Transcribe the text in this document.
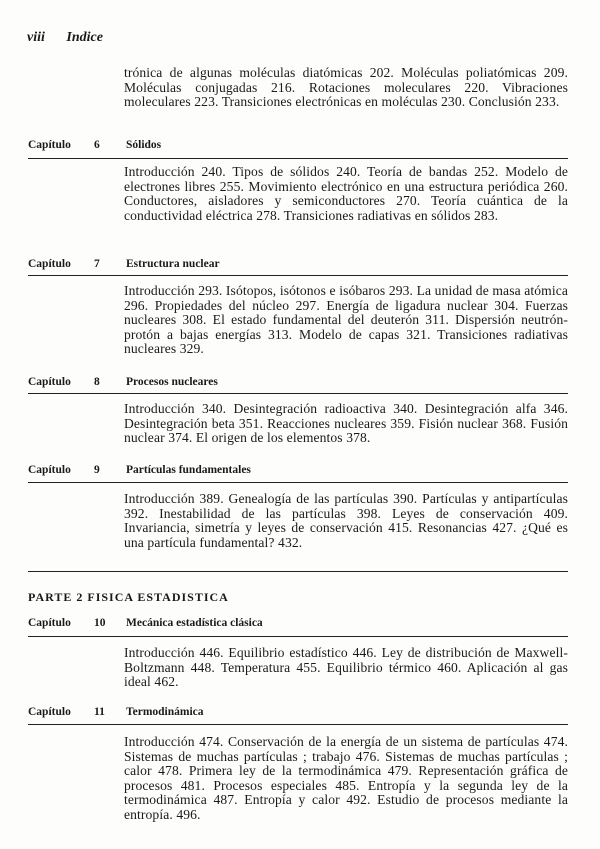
viii Indice
trónica de algunas moléculas diatómicas 202. Moléculas poliatómicas 209. Moléculas conjugadas 216. Rotaciones moleculares 220. Vibraciones moleculares 223. Transiciones electrónicas en moléculas 230. Conclusión 233.
Capítulo 6 Sólidos
Introducción 240. Tipos de sólidos 240. Teoría de bandas 252. Modelo de electrones libres 255. Movimiento electrónico en una estructura periódica 260. Conductores, aisladores y semiconductores 270. Teoría cuántica de la conductividad eléctrica 278. Transiciones radiativas en sólidos 283.
Capítulo 7 Estructura nuclear
Introducción 293. Isótopos, isótonos e isóbaros 293. La unidad de masa atómica 296. Propiedades del núcleo 297. Energía de ligadura nuclear 304. Fuerzas nucleares 308. El estado fundamental del deuterón 311. Dispersión neutrón-protón a bajas energías 313. Modelo de capas 321. Transiciones radiativas nucleares 329.
Capítulo 8 Procesos nucleares
Introducción 340. Desintegración radioactiva 340. Desintegración alfa 346. Desintegración beta 351. Reacciones nucleares 359. Fisión nuclear 368. Fusión nuclear 374. El origen de los elementos 378.
Capítulo 9 Partículas fundamentales
Introducción 389. Genealogía de las partículas 390. Partículas y antipartículas 392. Inestabilidad de las partículas 398. Leyes de conservación 409. Invariancia, simetría y leyes de conservación 415. Resonancias 427. ¿Qué es una partícula fundamental? 432.
PARTE 2 FISICA ESTADISTICA
Capítulo 10 Mecánica estadística clásica
Introducción 446. Equilibrio estadístico 446. Ley de distribución de Maxwell-Boltzmann 448. Temperatura 455. Equilibrio térmico 460. Aplicación al gas ideal 462.
Capítulo 11 Termodinámica
Introducción 474. Conservación de la energía de un sistema de partículas 474. Sistemas de muchas partículas ; trabajo 476. Sistemas de muchas partículas ; calor 478. Primera ley de la termodinámica 479. Representación gráfica de procesos 481. Procesos especiales 485. Entropía y la segunda ley de la termodinámica 487. Entropía y calor 492. Estudio de procesos mediante la entropía. 496.
